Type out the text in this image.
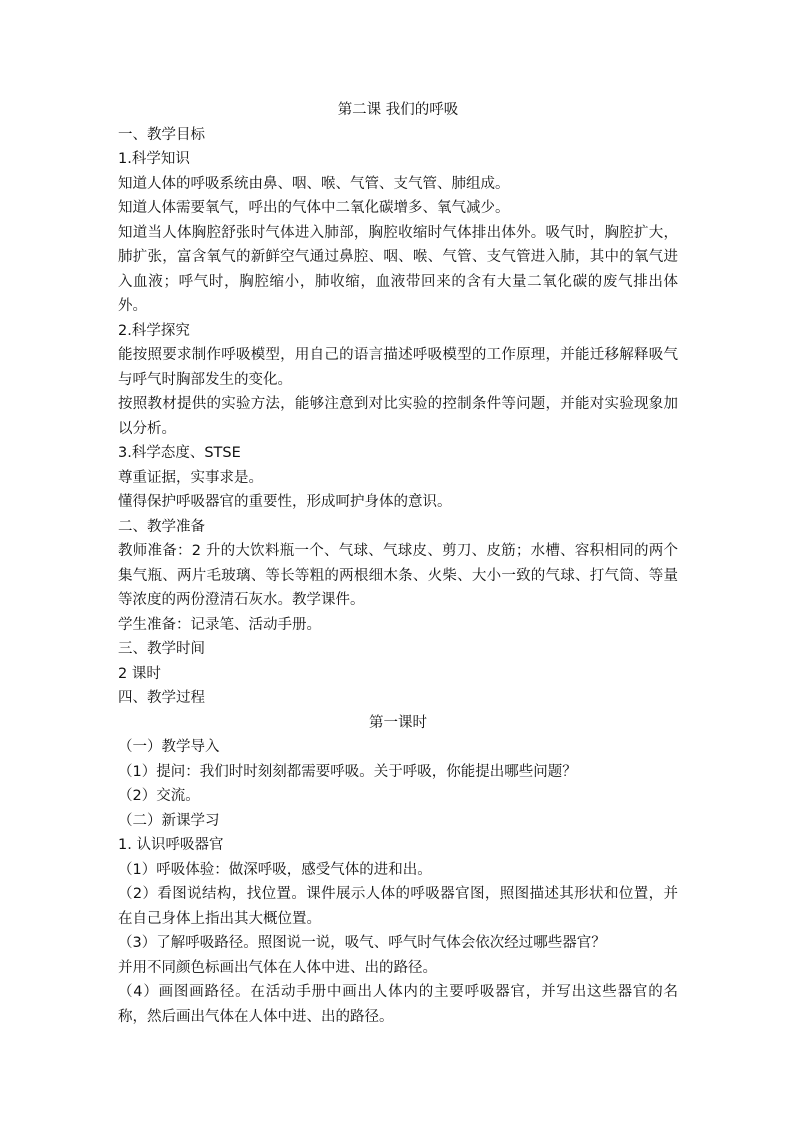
第二课 我们的呼吸

一、教学目标

1.科学知识

知道人体的呼吸系统由鼻、咽、喉、气管、支气管、肺组成。

知道人体需要氧气，呼出的气体中二氧化碳增多、氧气减少。

知道当人体胸腔舒张时气体进入肺部，胸腔收缩时气体排出体外。吸气时，胸腔扩大，肺扩张，富含氧气的新鲜空气通过鼻腔、咽、喉、气管、支气管进入肺，其中的氧气进入血液；呼气时，胸腔缩小，肺收缩，血液带回来的含有大量二氧化碳的废气排出体外。

2.科学探究

能按照要求制作呼吸模型，用自己的语言描述呼吸模型的工作原理，并能迁移解释吸气与呼气时胸部发生的变化。

按照教材提供的实验方法，能够注意到对比实验的控制条件等问题，并能对实验现象加以分析。

3.科学态度、STSE

尊重证据，实事求是。

懂得保护呼吸器官的重要性，形成呵护身体的意识。

二、教学准备

教师准备：2 升的大饮料瓶一个、气球、气球皮、剪刀、皮筋；水槽、容积相同的两个集气瓶、两片毛玻璃、等长等粗的两根细木条、火柴、大小一致的气球、打气筒、等量等浓度的两份澄清石灰水。教学课件。

学生准备：记录笔、活动手册。

三、教学时间

2 课时

四、教学过程

第一课时

（一）教学导入

（1）提问：我们时时刻刻都需要呼吸。关于呼吸，你能提出哪些问题？

（2）交流。

（二）新课学习

1. 认识呼吸器官

（1）呼吸体验：做深呼吸，感受气体的进和出。

（2）看图说结构，找位置。课件展示人体的呼吸器官图，照图描述其形状和位置，并在自己身体上指出其大概位置。

（3）了解呼吸路径。照图说一说，吸气、呼气时气体会依次经过哪些器官？

并用不同颜色标画出气体在人体中进、出的路径。

（4）画图画路径。在活动手册中画出人体内的主要呼吸器官，并写出这些器官的名称，然后画出气体在人体中进、出的路径。
